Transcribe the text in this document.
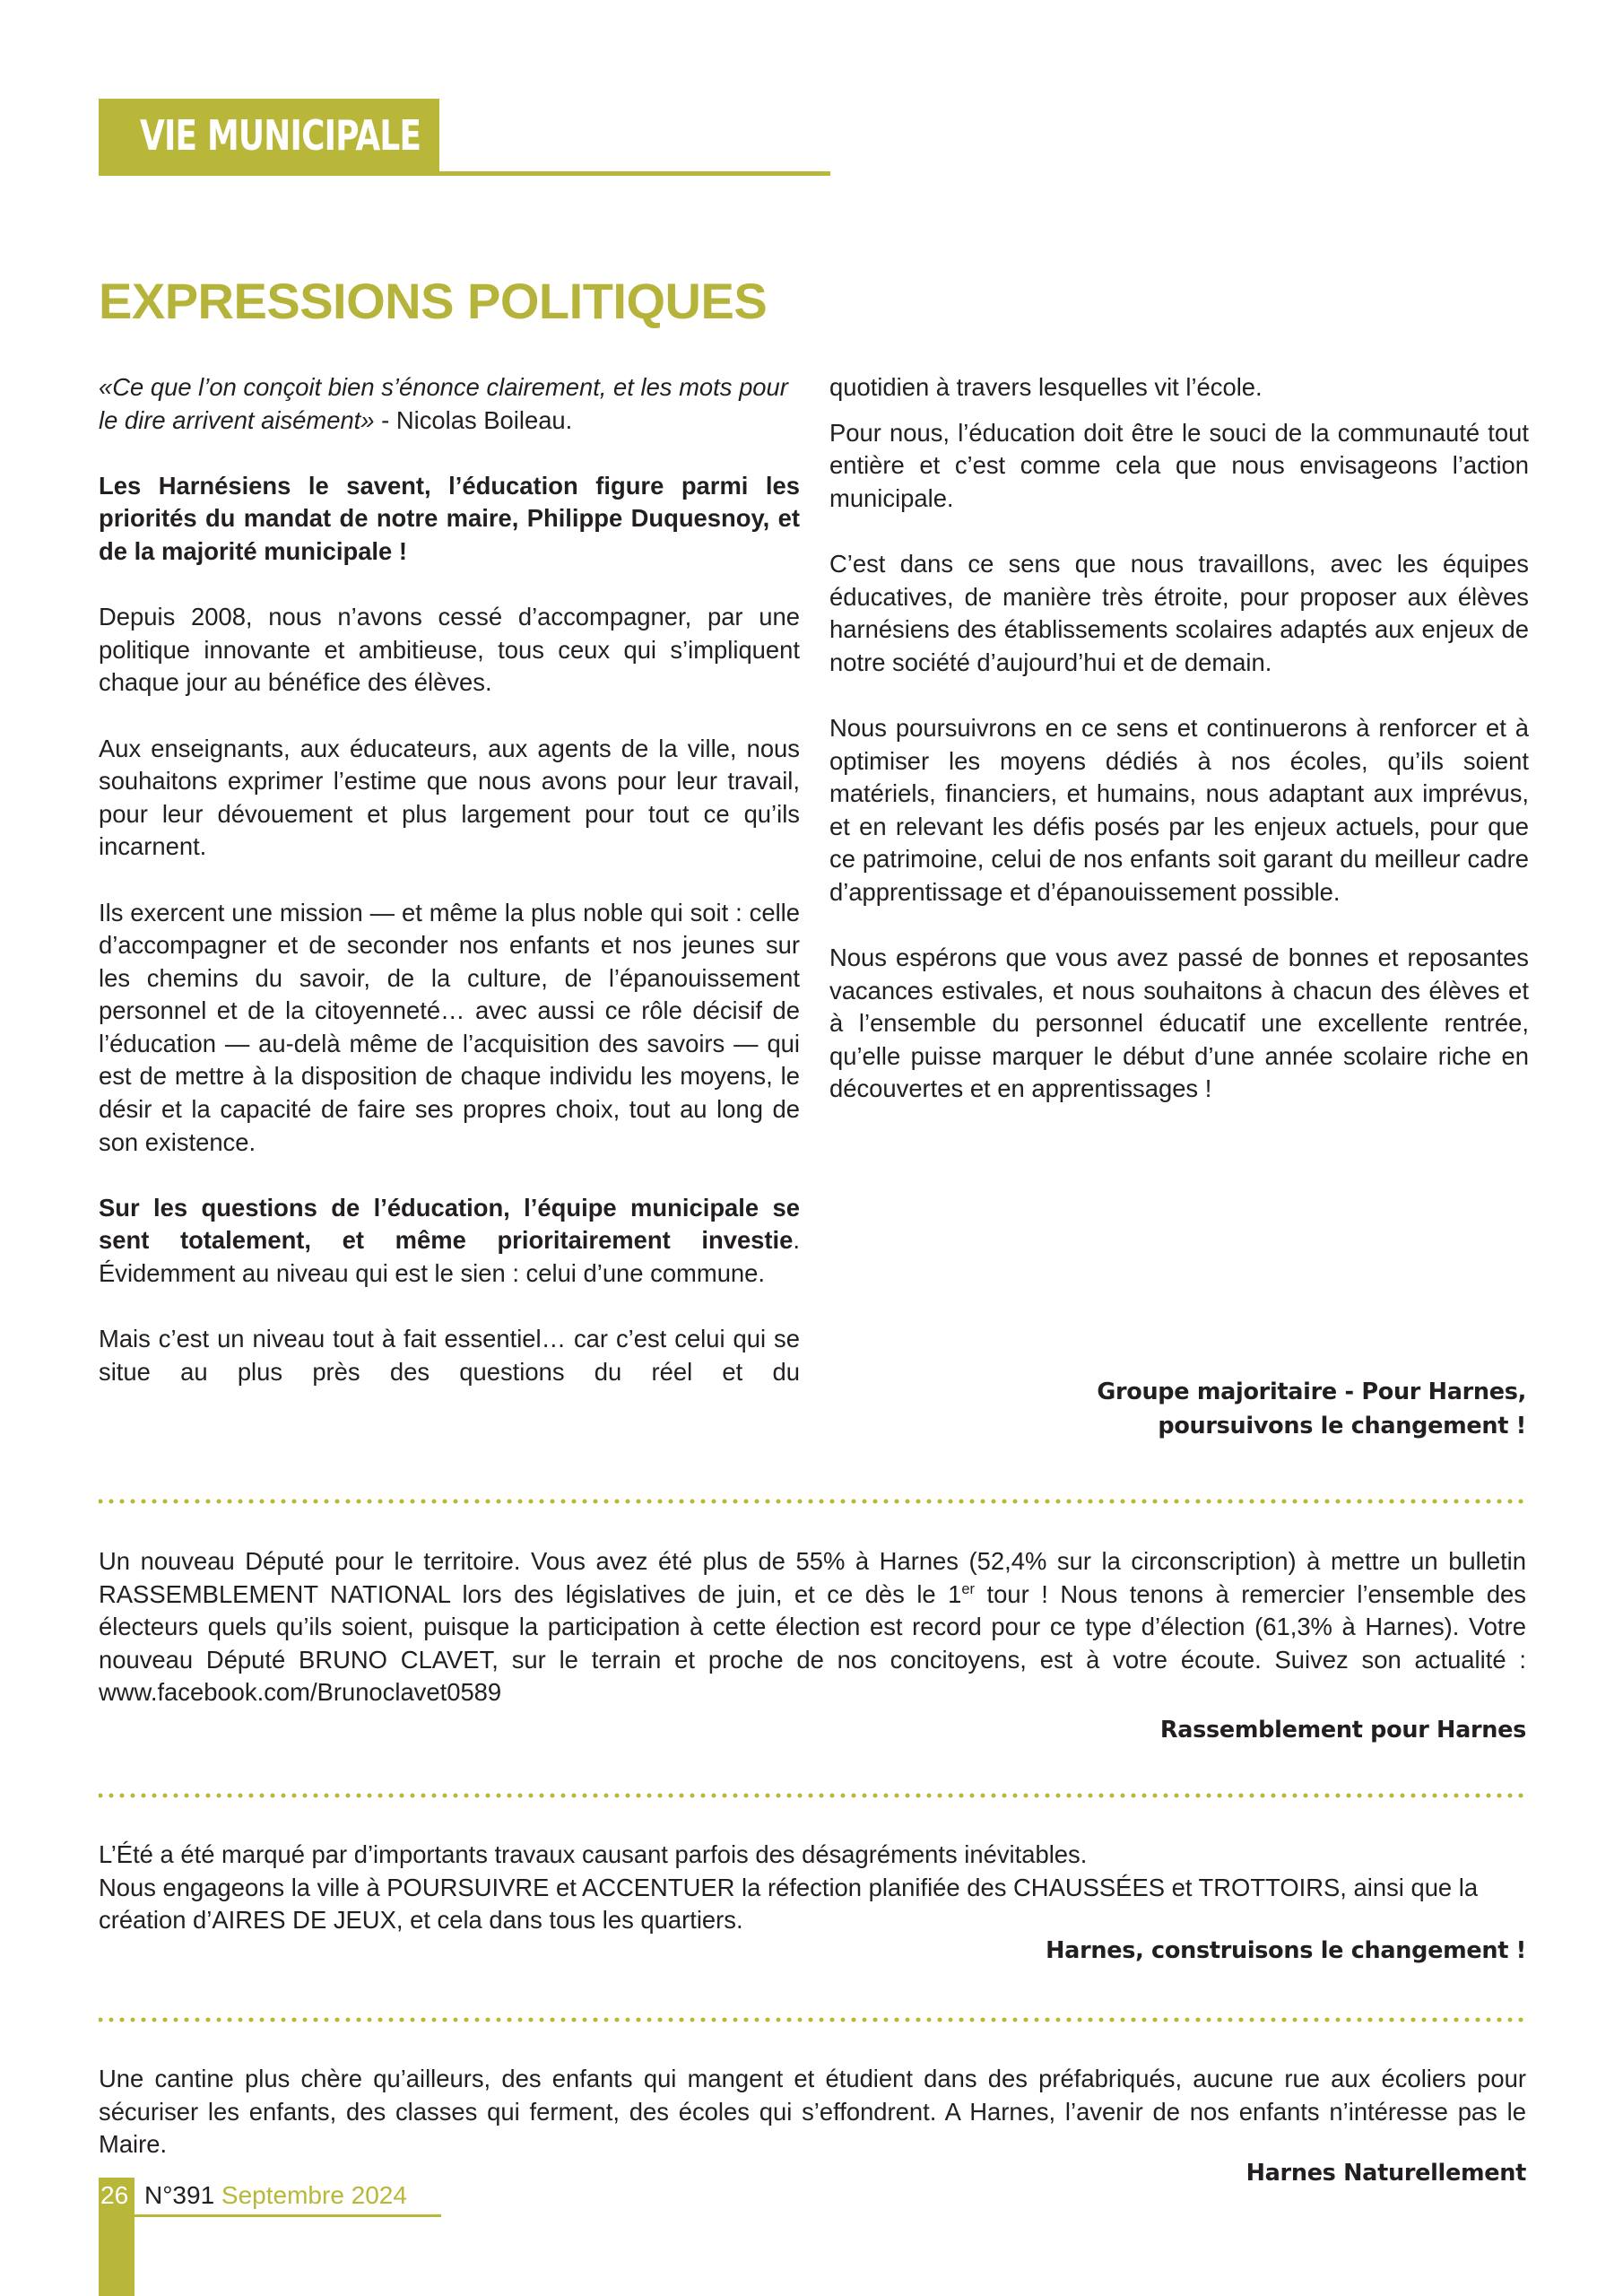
VIE MUNICIPALE
EXPRESSIONS POLITIQUES

«Ce que l’on conçoit bien s’énonce clairement, et les mots pour le dire arrivent aisément» - Nicolas Boileau.

Les Harnésiens le savent, l’éducation figure parmi les priorités du mandat de notre maire, Philippe Duquesnoy, et de la majorité municipale !

Depuis 2008, nous n’avons cessé d’accompagner, par une politique innovante et ambitieuse, tous ceux qui s’impliquent chaque jour au bénéfice des élèves.

Aux enseignants, aux éducateurs, aux agents de la ville, nous souhaitons exprimer l’estime que nous avons pour leur travail, pour leur dévouement et plus largement pour tout ce qu’ils incarnent.

Ils exercent une mission — et même la plus noble qui soit : celle d’accompagner et de seconder nos enfants et nos jeunes sur les chemins du savoir, de la culture, de l’épanouissement personnel et de la citoyenneté… avec aussi ce rôle décisif de l’éducation — au-delà même de l’acquisition des savoirs — qui est de mettre à la disposition de chaque individu les moyens, le désir et la capacité de faire ses propres choix, tout au long de son existence.

Sur les questions de l’éducation, l’équipe municipale se sent totalement, et même prioritairement investie. Évidemment au niveau qui est le sien : celui d’une commune.

Mais c’est un niveau tout à fait essentiel… car c’est celui qui se situe au plus près des questions du réel et du

quotidien à travers lesquelles vit l’école.

Pour nous, l’éducation doit être le souci de la communauté tout entière et c’est comme cela que nous envisageons l’action municipale.

C’est dans ce sens que nous travaillons, avec les équipes éducatives, de manière très étroite, pour proposer aux élèves harnésiens des établissements scolaires adaptés aux enjeux de notre société d’aujourd’hui et de demain.

Nous poursuivrons en ce sens et continuerons à renforcer et à optimiser les moyens dédiés à nos écoles, qu’ils soient matériels, financiers, et humains, nous adaptant aux imprévus, et en relevant les défis posés par les enjeux actuels, pour que ce patrimoine, celui de nos enfants soit garant du meilleur cadre d’apprentissage et d’épanouissement possible.

Nous espérons que vous avez passé de bonnes et reposantes vacances estivales, et nous souhaitons à chacun des élèves et à l’ensemble du personnel éducatif une excellente rentrée, qu’elle puisse marquer le début d’une année scolaire riche en découvertes et en apprentissages !

Groupe majoritaire - Pour Harnes,
poursuivons le changement !

Un nouveau Député pour le territoire. Vous avez été plus de 55% à Harnes (52,4% sur la circonscription) à mettre un bulletin RASSEMBLEMENT NATIONAL lors des législatives de juin, et ce dès le 1er tour ! Nous tenons à remercier l’ensemble des électeurs quels qu’ils soient, puisque la participation à cette élection est record pour ce type d’élection (61,3% à Harnes). Votre nouveau Député BRUNO CLAVET, sur le terrain et proche de nos concitoyens, est à votre écoute. Suivez son actualité : www.facebook.com/Brunoclavet0589

Rassemblement pour Harnes

L’Été a été marqué par d’importants travaux causant parfois des désagréments inévitables.

Nous engageons la ville à POURSUIVRE et ACCENTUER la réfection planifiée des CHAUSSÉES et TROTTOIRS, ainsi que la création d’AIRES DE JEUX, et cela dans tous les quartiers.

Harnes, construisons le changement !

Une cantine plus chère qu’ailleurs, des enfants qui mangent et étudient dans des préfabriqués, aucune rue aux écoliers pour sécuriser les enfants, des classes qui ferment, des écoles qui s’effondrent. A Harnes, l’avenir de nos enfants n’intéresse pas le Maire.

Harnes Naturellement
26 N°391 Septembre 2024
